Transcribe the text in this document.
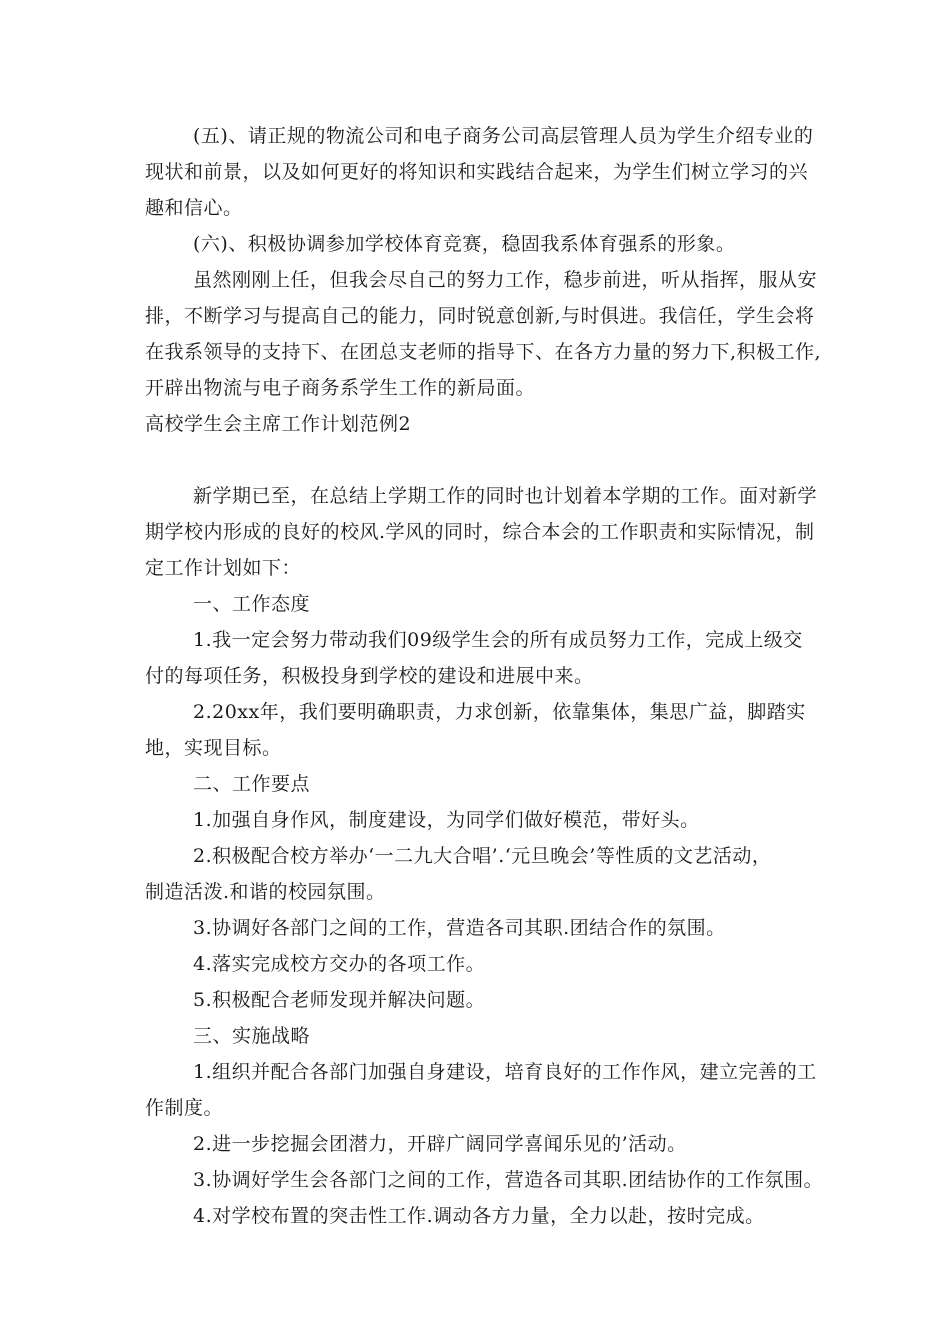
(五)、请正规的物流公司和电子商务公司高层管理人员为学生介绍专业的
现状和前景，以及如何更好的将知识和实践结合起来，为学生们树立学习的兴
趣和信心。
(六)、积极协调参加学校体育竞赛，稳固我系体育强系的形象。
虽然刚刚上任，但我会尽自己的努力工作，稳步前进，听从指挥，服从安
排，不断学习与提高自己的能力，同时锐意创新,与时俱进。我信任，学生会将
在我系领导的支持下、在团总支老师的指导下、在各方力量的努力下,积极工作,
开辟出物流与电子商务系学生工作的新局面。
高校学生会主席工作计划范例2
新学期已至，在总结上学期工作的同时也计划着本学期的工作。面对新学
期学校内形成的良好的校风.学风的同时，综合本会的工作职责和实际情况，制
定工作计划如下：
一、工作态度
1.我一定会努力带动我们09级学生会的所有成员努力工作，完成上级交
付的每项任务，积极投身到学校的建设和进展中来。
2.20xx年，我们要明确职责，力求创新，依靠集体，集思广益，脚踏实
地，实现目标。
二、工作要点
1.加强自身作风，制度建设，为同学们做好模范，带好头。
2.积极配合校方举办‘一二九大合唱’.‘元旦晚会’等性质的文艺活动，
制造活泼.和谐的校园氛围。
3.协调好各部门之间的工作，营造各司其职.团结合作的氛围。
4.落实完成校方交办的各项工作。
5.积极配合老师发现并解决问题。
三、实施战略
1.组织并配合各部门加强自身建设，培育良好的工作作风，建立完善的工
作制度。
2.进一步挖掘会团潜力，开辟广阔同学喜闻乐见的’活动。
3.协调好学生会各部门之间的工作，营造各司其职.团结协作的工作氛围。
4.对学校布置的突击性工作.调动各方力量，全力以赴，按时完成。
